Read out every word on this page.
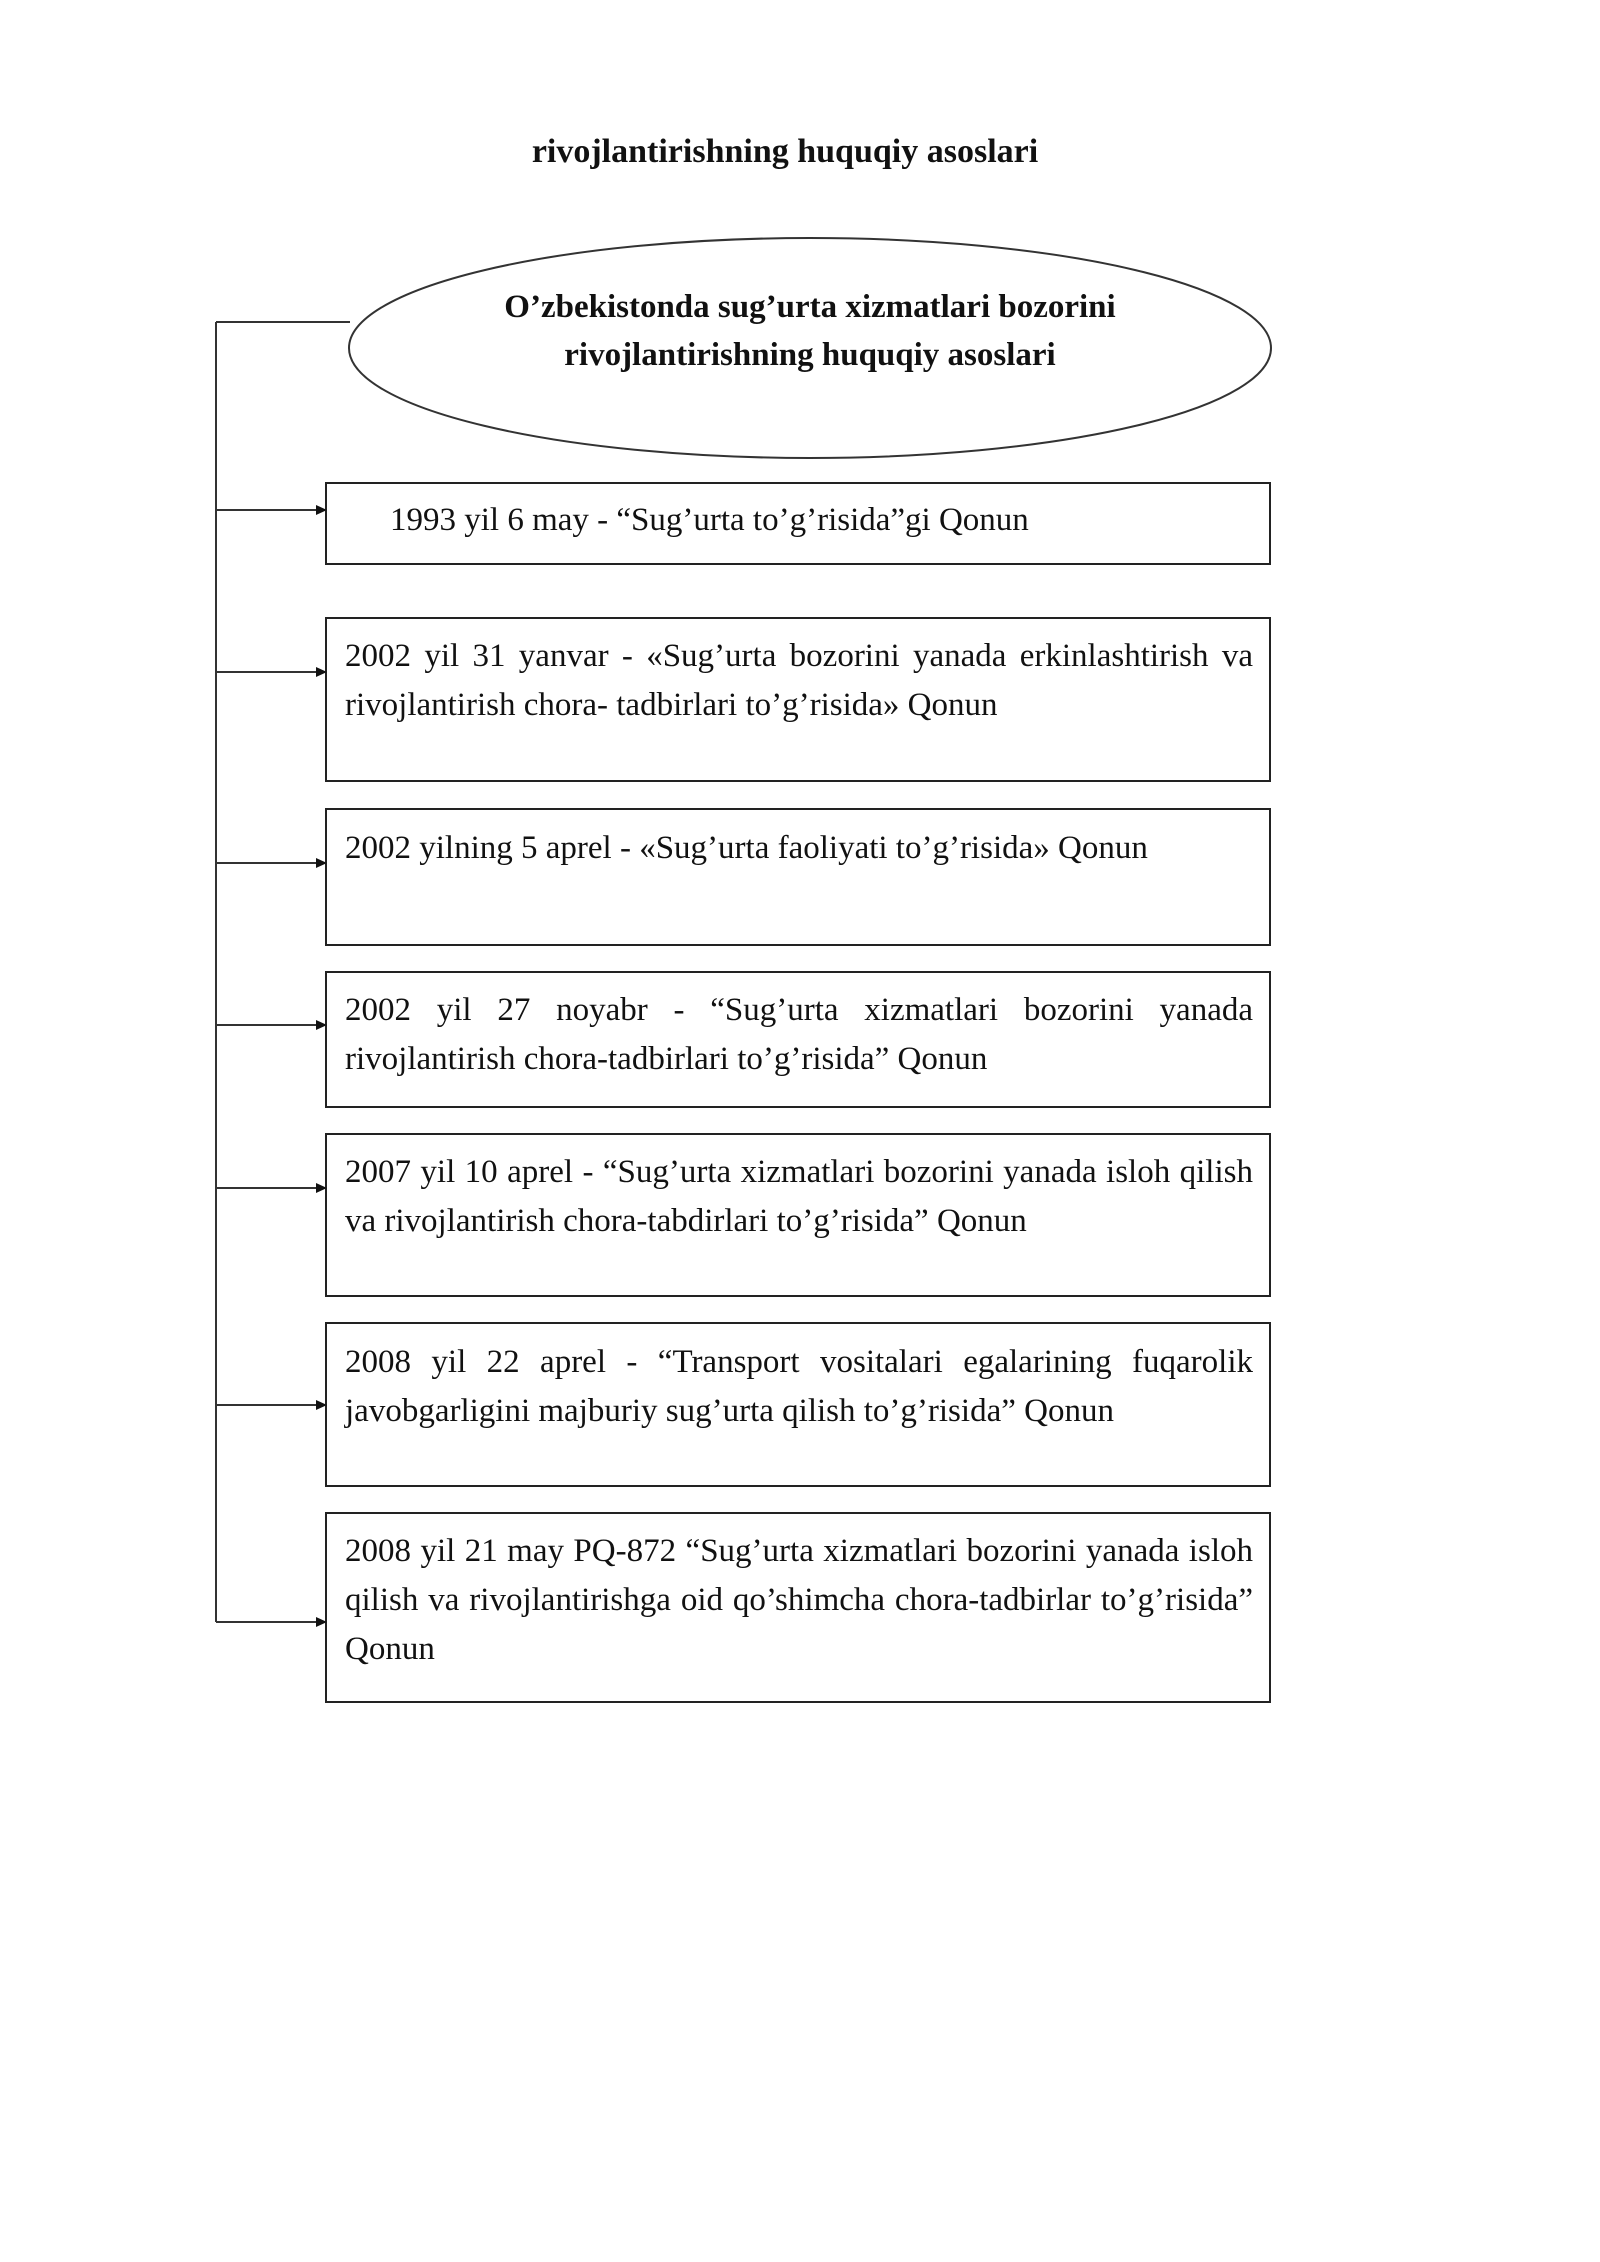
rivojlantirishning huquqiy asoslari
O’zbekistonda sug’urta xizmatlari bozorini rivojlantirishning huquqiy asoslari
1993 yil 6 may - “Sug’urta to’g’risida”gi Qonun
2002 yil 31 yanvar - «Sug’urta bozorini yanada erkinlashtirish va rivojlantirish chora- tadbirlari to’g’risida» Qonun
2002 yilning 5 aprel - «Sug’urta faoliyati to’g’risida» Qonun
2002 yil 27 noyabr - “Sug’urta xizmatlari bozorini yanada rivojlantirish chora-tadbirlari to’g’risida” Qonun
2007 yil 10 aprel - “Sug’urta xizmatlari bozorini yanada isloh qilish va rivojlantirish chora-tabdirlari to’g’risida” Qonun
2008 yil 22 aprel - “Transport vositalari egalarining fuqarolik javobgarligini majburiy sug’urta qilish to’g’risida” Qonun
2008 yil 21 may PQ-872 “Sug’urta xizmatlari bozorini yanada isloh qilish va rivojlantirishga oid qo’shimcha chora-tadbirlar to’g’risida” Qonun
